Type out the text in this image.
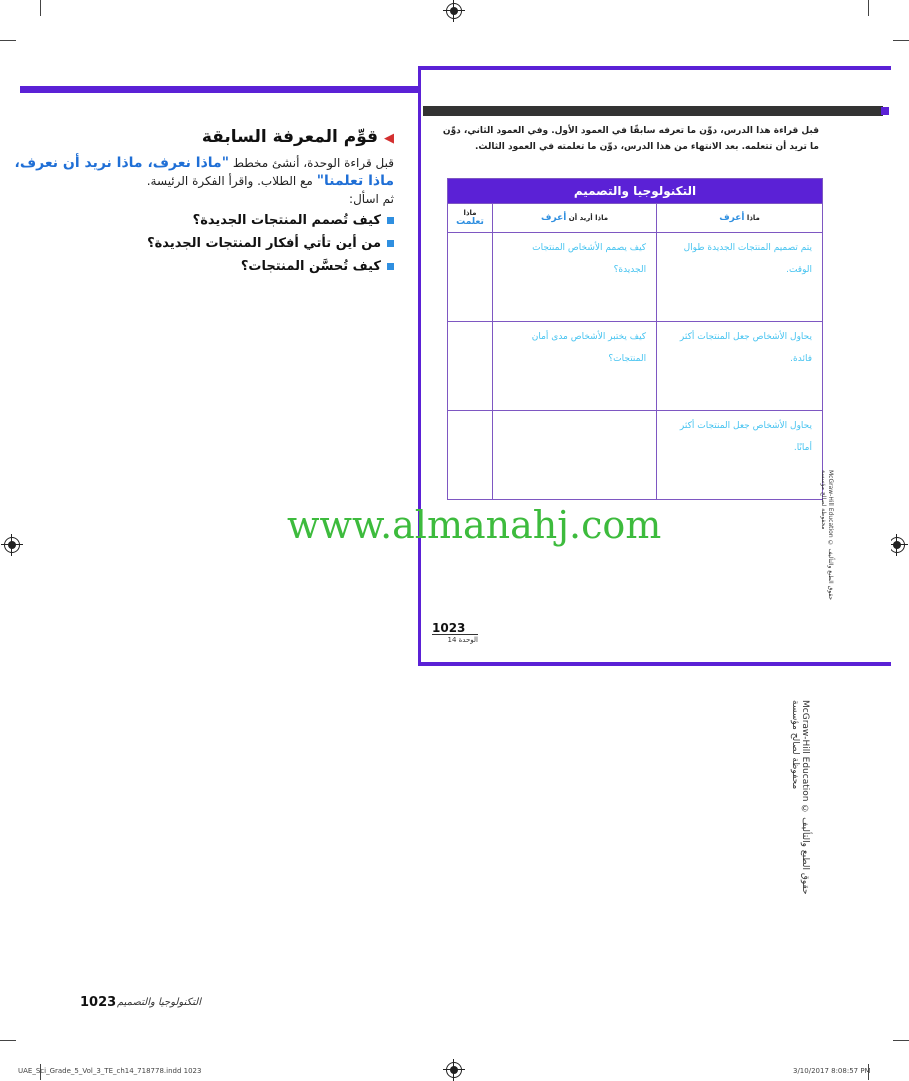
◀قوِّم المعرفة السابقة
قبل قراءة الوحدة، أنشئ مخطط "ماذا نعرف، ماذا نريد أن نعرف، ماذا تعلمنا" مع الطلاب. واقرأ الفكرة الرئيسة.
ثم اسأل:
كيف تُصمم المنتجات الجديدة؟
من أين تأتي أفكار المنتجات الجديدة؟
كيف تُحسَّن المنتجات؟
قبل قراءة هذا الدرس، دوِّن ما تعرفه سابقًا في العمود الأول. وفي العمود الثاني، دوِّن ما تريد أن تتعلمه. بعد الانتهاء من هذا الدرس، دوِّن ما تعلمته في العمود الثالث.
التكنولوجيا والتصميم		
ماذا تعلمت	ماذا أريد أن أعرف	ماذا أعرف
	كيف يصمم الأشخاص المنتجات الجديدة؟	يتم تصميم المنتجات الجديدة طوال الوقت.
	كيف يختبر الأشخاص مدى أمان المنتجات؟	يحاول الأشخاص جعل المنتجات أكثر فائدة.
		يحاول الأشخاص جعل المنتجات أكثر أمانًا.
McGraw-Hill Education حقوق الطبع والتأليف © محفوظة لصالح مؤسسة
1023
الوحدة 14
www.almanahj.com
McGraw-Hill Education حقوق الطبع والتأليف © محفوظة لصالح مؤسسة
1023 التكنولوجيا والتصميم
UAE_Sci_Grade_5_Vol_3_TE_ch14_718778.indd 1023	3/10/2017 8:08:57 PM
